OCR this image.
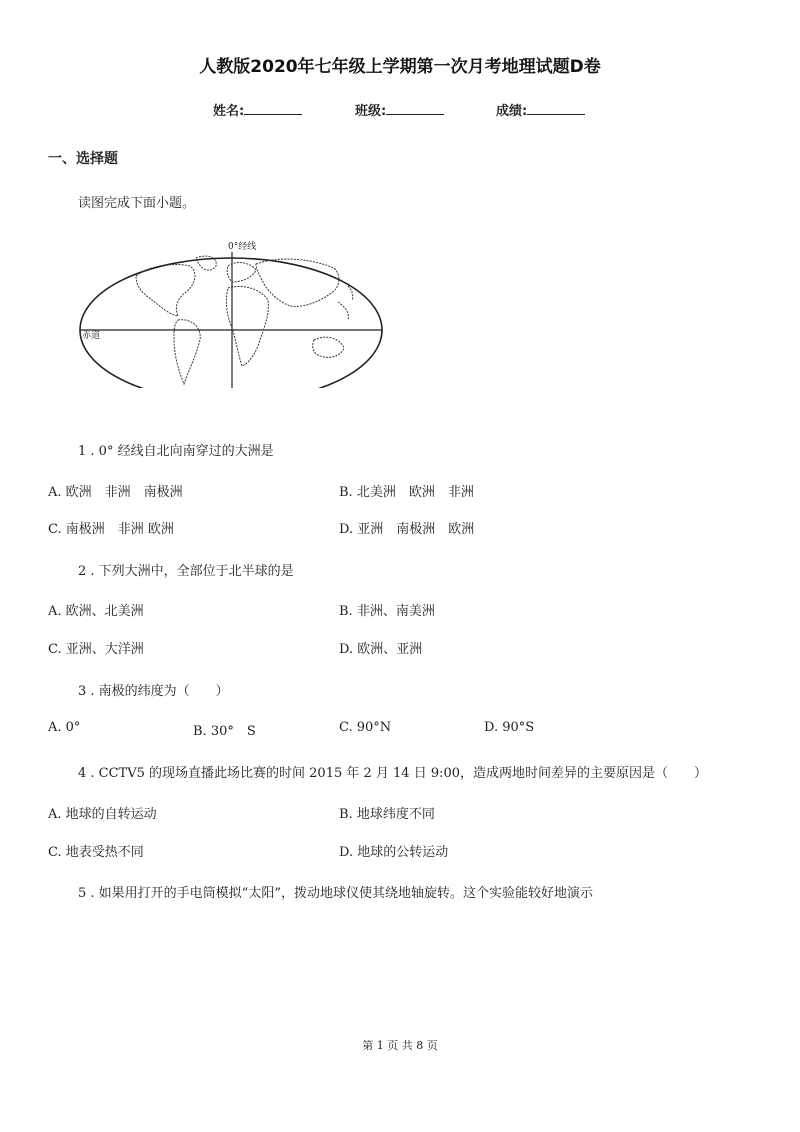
人教版2020年七年级上学期第一次月考地理试题D卷
姓名:	班级:	成绩:
一、选择题
读图完成下面小题。
0°经线
赤道
1 . 0° 经线自北向南穿过的大洲是
A. 欧洲　非洲　南极洲	B. 北美洲　欧洲　非洲
C. 南极洲　非洲 欧洲	D. 亚洲　南极洲　欧洲
2 . 下列大洲中，全部位于北半球的是
A. 欧洲、北美洲	B. 非洲、南美洲
C. 亚洲、大洋洲	D. 欧洲、亚洲
3 . 南极的纬度为（　　）
A. 0°	B. 30°　S	C. 90°N	D. 90°S
4 . CCTV5 的现场直播此场比赛的时间 2015 年 2 月 14 日 9:00，造成两地时间差异的主要原因是（　　）
A. 地球的自转运动	B. 地球纬度不同
C. 地表受热不同	D. 地球的公转运动
5 . 如果用打开的手电筒模拟“太阳”，拨动地球仪使其绕地轴旋转。这个实验能较好地演示
第 1 页 共 8 页
